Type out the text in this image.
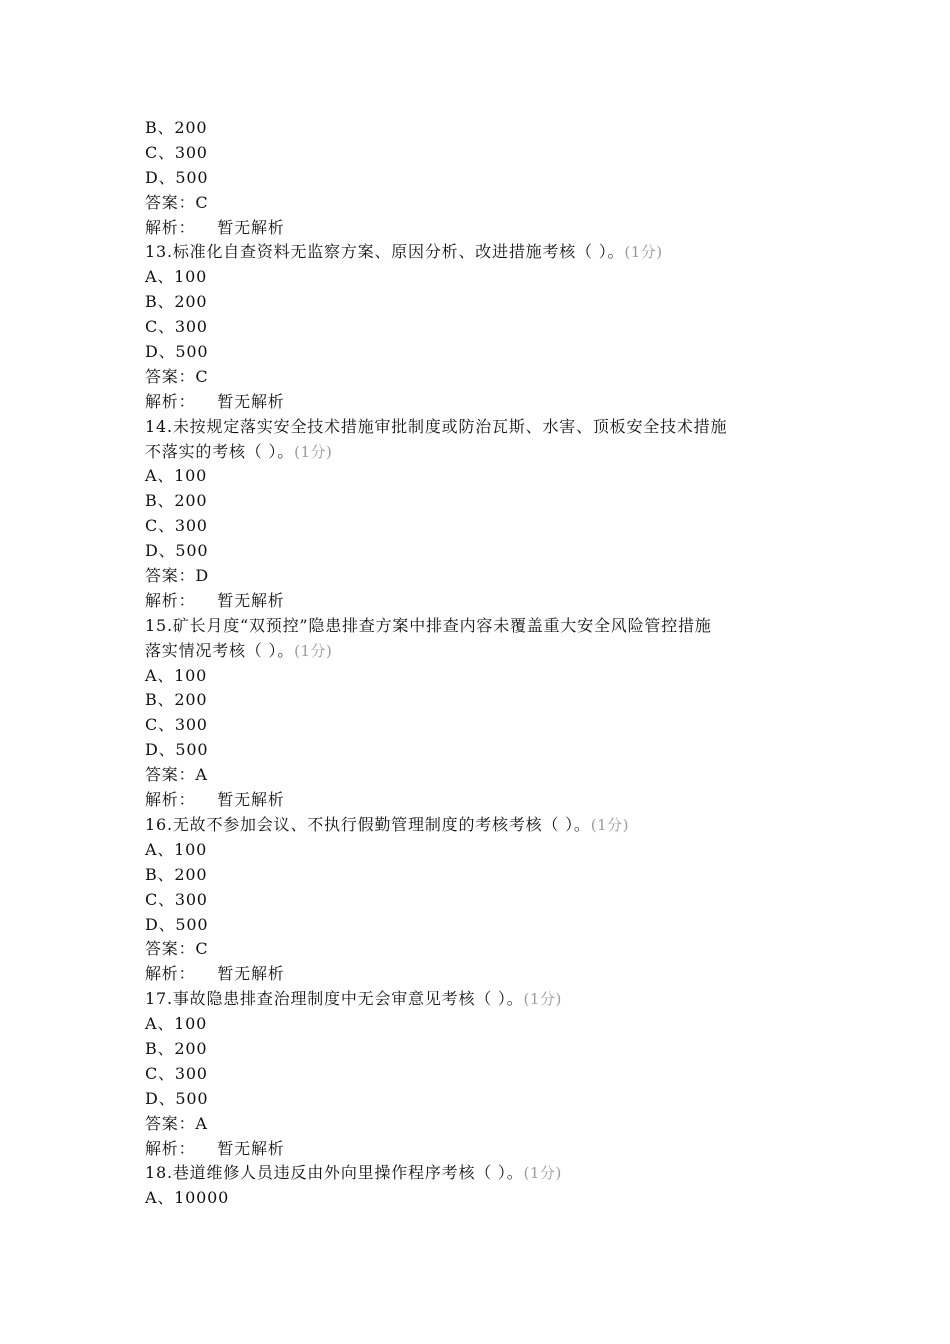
B、200
C、300
D、500
答案：C
解析： 暂无解析
13.标准化自查资料无监察方案、原因分析、改进措施考核（ ）。(1分)
A、100
B、200
C、300
D、500
答案：C
解析： 暂无解析
14.未按规定落实安全技术措施审批制度或防治瓦斯、水害、顶板安全技术措施
不落实的考核（ ）。(1分)
A、100
B、200
C、300
D、500
答案：D
解析： 暂无解析
15.矿长月度“双预控”隐患排查方案中排查内容未覆盖重大安全风险管控措施
落实情况考核（ ）。(1分)
A、100
B、200
C、300
D、500
答案：A
解析： 暂无解析
16.无故不参加会议、不执行假勤管理制度的考核考核（ ）。(1分)
A、100
B、200
C、300
D、500
答案：C
解析： 暂无解析
17.事故隐患排查治理制度中无会审意见考核（ ）。(1分)
A、100
B、200
C、300
D、500
答案：A
解析： 暂无解析
18.巷道维修人员违反由外向里操作程序考核（ ）。(1分)
A、10000
